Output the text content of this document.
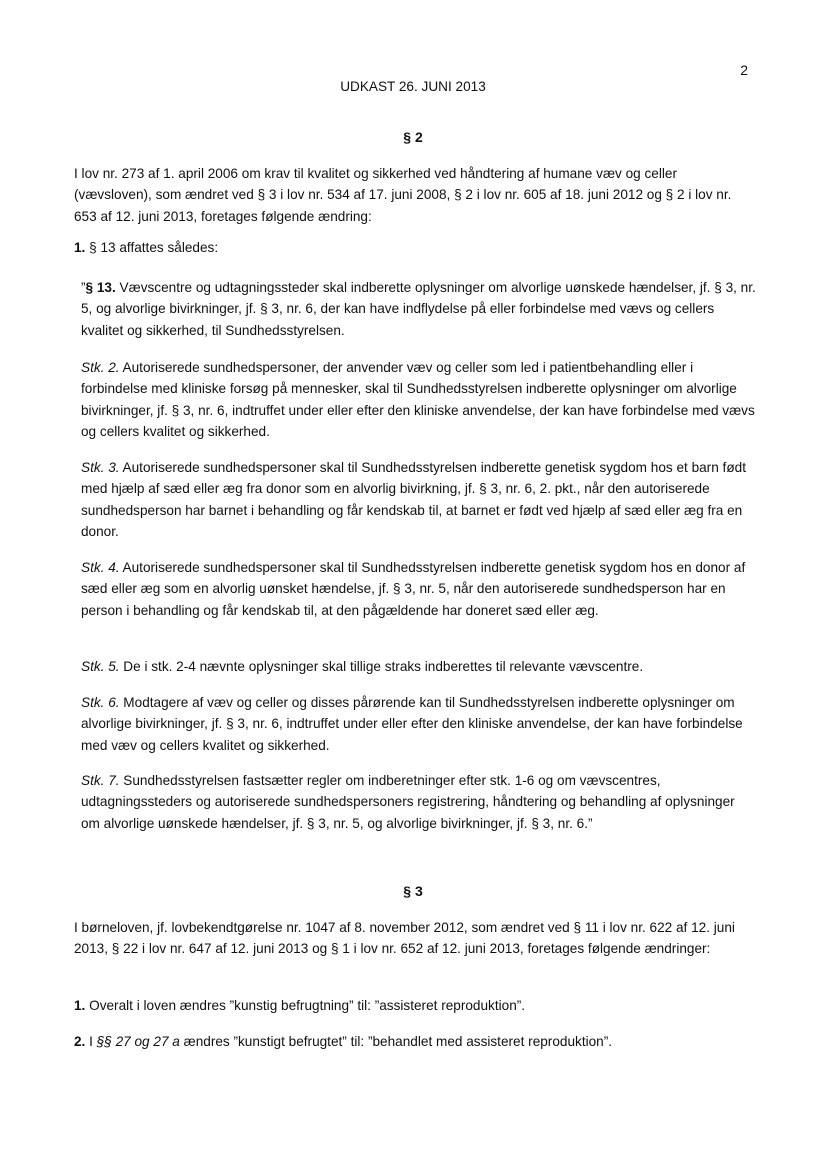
2
UDKAST 26. JUNI 2013
§ 2

I lov nr. 273 af 1. april 2006 om krav til kvalitet og sikkerhed ved håndtering af humane væv og celler (vævsloven), som ændret ved § 3 i lov nr. 534 af 17. juni 2008, § 2 i lov nr. 605 af 18. juni 2012 og § 2 i lov nr. 653 af 12. juni 2013, foretages følgende ændring:

1. § 13 affattes således:

”§ 13. Vævscentre og udtagningssteder skal indberette oplysninger om alvorlige uønskede hændelser, jf. § 3, nr. 5, og alvorlige bivirkninger, jf. § 3, nr. 6, der kan have indflydelse på eller forbindelse med vævs og cellers kvalitet og sikkerhed, til Sundhedsstyrelsen.

Stk. 2. Autoriserede sundhedspersoner, der anvender væv og celler som led i patientbehandling eller i forbindelse med kliniske forsøg på mennesker, skal til Sundhedsstyrelsen indberette oplysninger om alvorlige bivirkninger, jf. § 3, nr. 6, indtruffet under eller efter den kliniske anvendelse, der kan have forbindelse med vævs og cellers kvalitet og sikkerhed.

Stk. 3. Autoriserede sundhedspersoner skal til Sundhedsstyrelsen indberette genetisk sygdom hos et barn født med hjælp af sæd eller æg fra donor som en alvorlig bivirkning, jf. § 3, nr. 6, 2. pkt., når den autoriserede sundhedsperson har barnet i behandling og får kendskab til, at barnet er født ved hjælp af sæd eller æg fra en donor.

Stk. 4. Autoriserede sundhedspersoner skal til Sundhedsstyrelsen indberette genetisk sygdom hos en donor af sæd eller æg som en alvorlig uønsket hændelse, jf. § 3, nr. 5, når den autoriserede sundhedsperson har en person i behandling og får kendskab til, at den pågældende har doneret sæd eller æg.

Stk. 5. De i stk. 2-4 nævnte oplysninger skal tillige straks indberettes til relevante vævscentre.

Stk. 6. Modtagere af væv og celler og disses pårørende kan til Sundhedsstyrelsen indberette oplysninger om alvorlige bivirkninger, jf. § 3, nr. 6, indtruffet under eller efter den kliniske anvendelse, der kan have forbindelse med væv og cellers kvalitet og sikkerhed.

Stk. 7. Sundhedsstyrelsen fastsætter regler om indberetninger efter stk. 1-6 og om vævscentres, udtagningssteders og autoriserede sundhedspersoners registrering, håndtering og behandling af oplysninger om alvorlige uønskede hændelser, jf. § 3, nr. 5, og alvorlige bivirkninger, jf. § 3, nr. 6.”

§ 3

I børneloven, jf. lovbekendtgørelse nr. 1047 af 8. november 2012, som ændret ved § 11 i lov nr. 622 af 12. juni 2013, § 22 i lov nr. 647 af 12. juni 2013 og § 1 i lov nr. 652 af 12. juni 2013, foretages følgende ændringer:

1. Overalt i loven ændres ”kunstig befrugtning” til: ”assisteret reproduktion”.

2. I §§ 27 og 27 a ændres ”kunstigt befrugtet” til: ”behandlet med assisteret reproduktion”.
